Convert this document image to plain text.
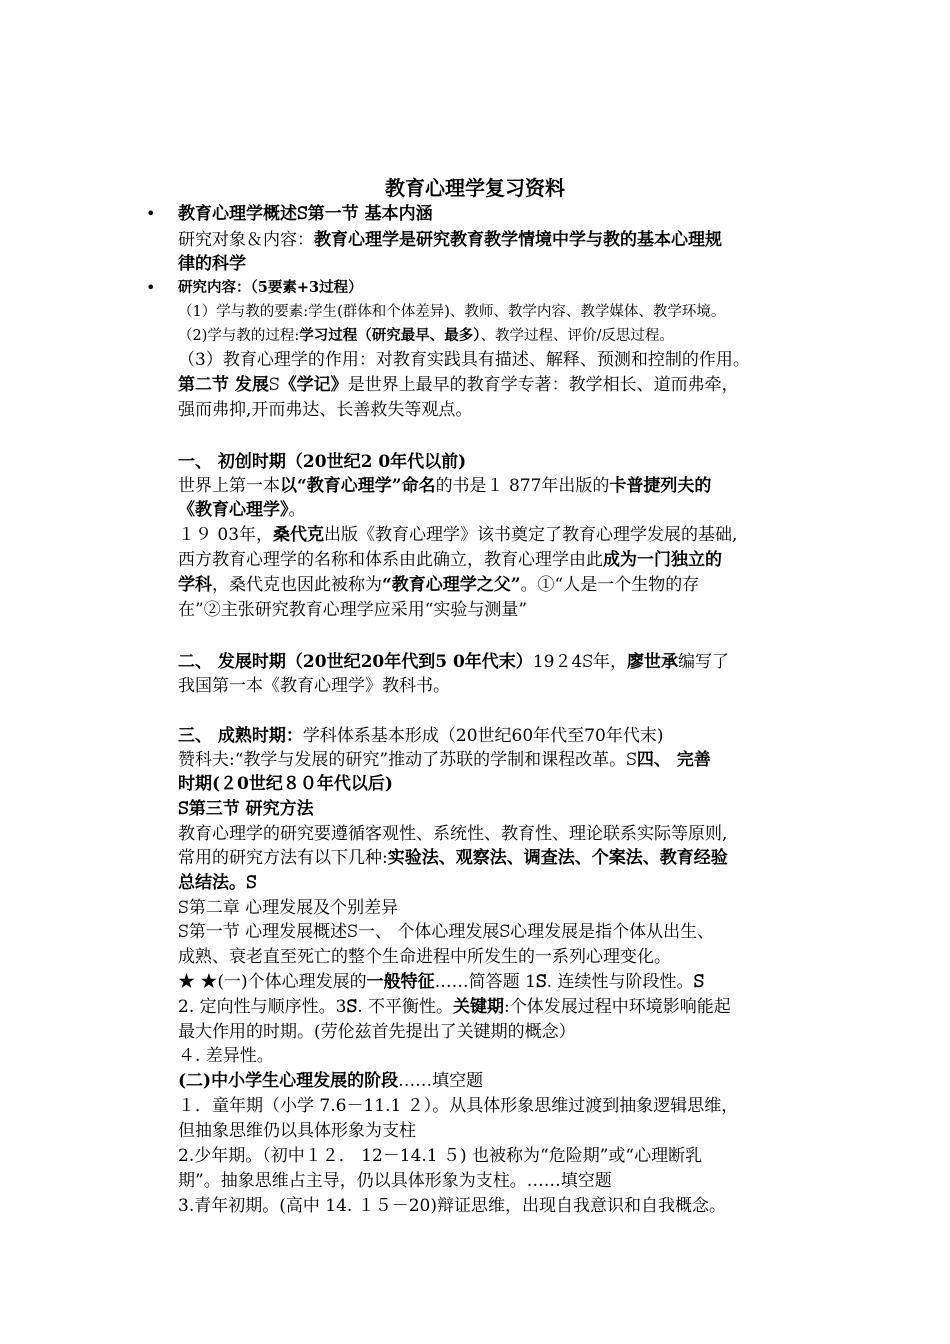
教育心理学复习资料
• 教育心理学概述ꕶ第一节 基本内涵
研究对象＆内容：教育心理学是研究教育教学情境中学与教的基本心理规
律的科学
• 研究内容：（5要素+3过程）
（1）学与教的要素:学生(群体和个体差异)、教师、教学内容、教学媒体、教学环境。
（2)学与教的过程:学习过程（研究最早、最多）、教学过程、评价/反思过程。
（3）教育心理学的作用：对教育实践具有描述、解释、预测和控制的作用。
第二节 发展ꕶ《学记》是世界上最早的教育学专著：教学相长、道而弗牵，
强而弗抑,开而弗达、长善救失等观点。
一、 初创时期（20世纪2 0年代以前)
世界上第一本以“教育心理学”命名的书是１ 877年出版的卡普捷列夫的
《教育心理学》。
１９ 03年，桑代克出版《教育心理学》该书奠定了教育心理学发展的基础,
西方教育心理学的名称和体系由此确立，教育心理学由此成为一门独立的
学科，桑代克也因此被称为“教育心理学之父”。①“人是一个生物的存
在”②主张研究教育心理学应采用“实验与测量”
二、 发展时期（20世纪20年代到5 0年代末）19２4ꕶ年，廖世承编写了
我国第一本《教育心理学》教科书。
三、 成熟时期：学科体系基本形成（20世纪60年代至70年代末)
赞科夫:“教学与发展的研究”推动了苏联的学制和课程改革。ꕶ四、 完善
时期(２0世纪８０年代以后)
ꕶ第三节 研究方法
教育心理学的研究要遵循客观性、系统性、教育性、理论联系实际等原则,
常用的研究方法有以下几种:实验法、观察法、调查法、个案法、教育经验
总结法。ꕶ
ꕶ第二章 心理发展及个别差异
ꕶ第一节 心理发展概述ꕶ一、 个体心理发展ꕶ心理发展是指个体从出生、
成熟、衰老直至死亡的整个生命进程中所发生的一系列心理变化。
★ ★(一)个体心理发展的一般特征……简答题 1ꕶ. 连续性与阶段性。ꕶ
2. 定向性与顺序性。3ꕶ. 不平衡性。关键期:个体发展过程中环境影响能起
最大作用的时期。(劳伦兹首先提出了关键期的概念）
４. 差异性。
(二)中小学生心理发展的阶段……填空题
１．童年期（小学 7.6－11.1 ２）。从具体形象思维过渡到抽象逻辑思维，
但抽象思维仍以具体形象为支柱
2.少年期。（初中１２． 12－14.1 ５) 也被称为“危险期”或“心理断乳
期”。抽象思维占主导，仍以具体形象为支柱。……填空题
3.青年初期。(高中 14. １５－20)辩证思维，出现自我意识和自我概念。
